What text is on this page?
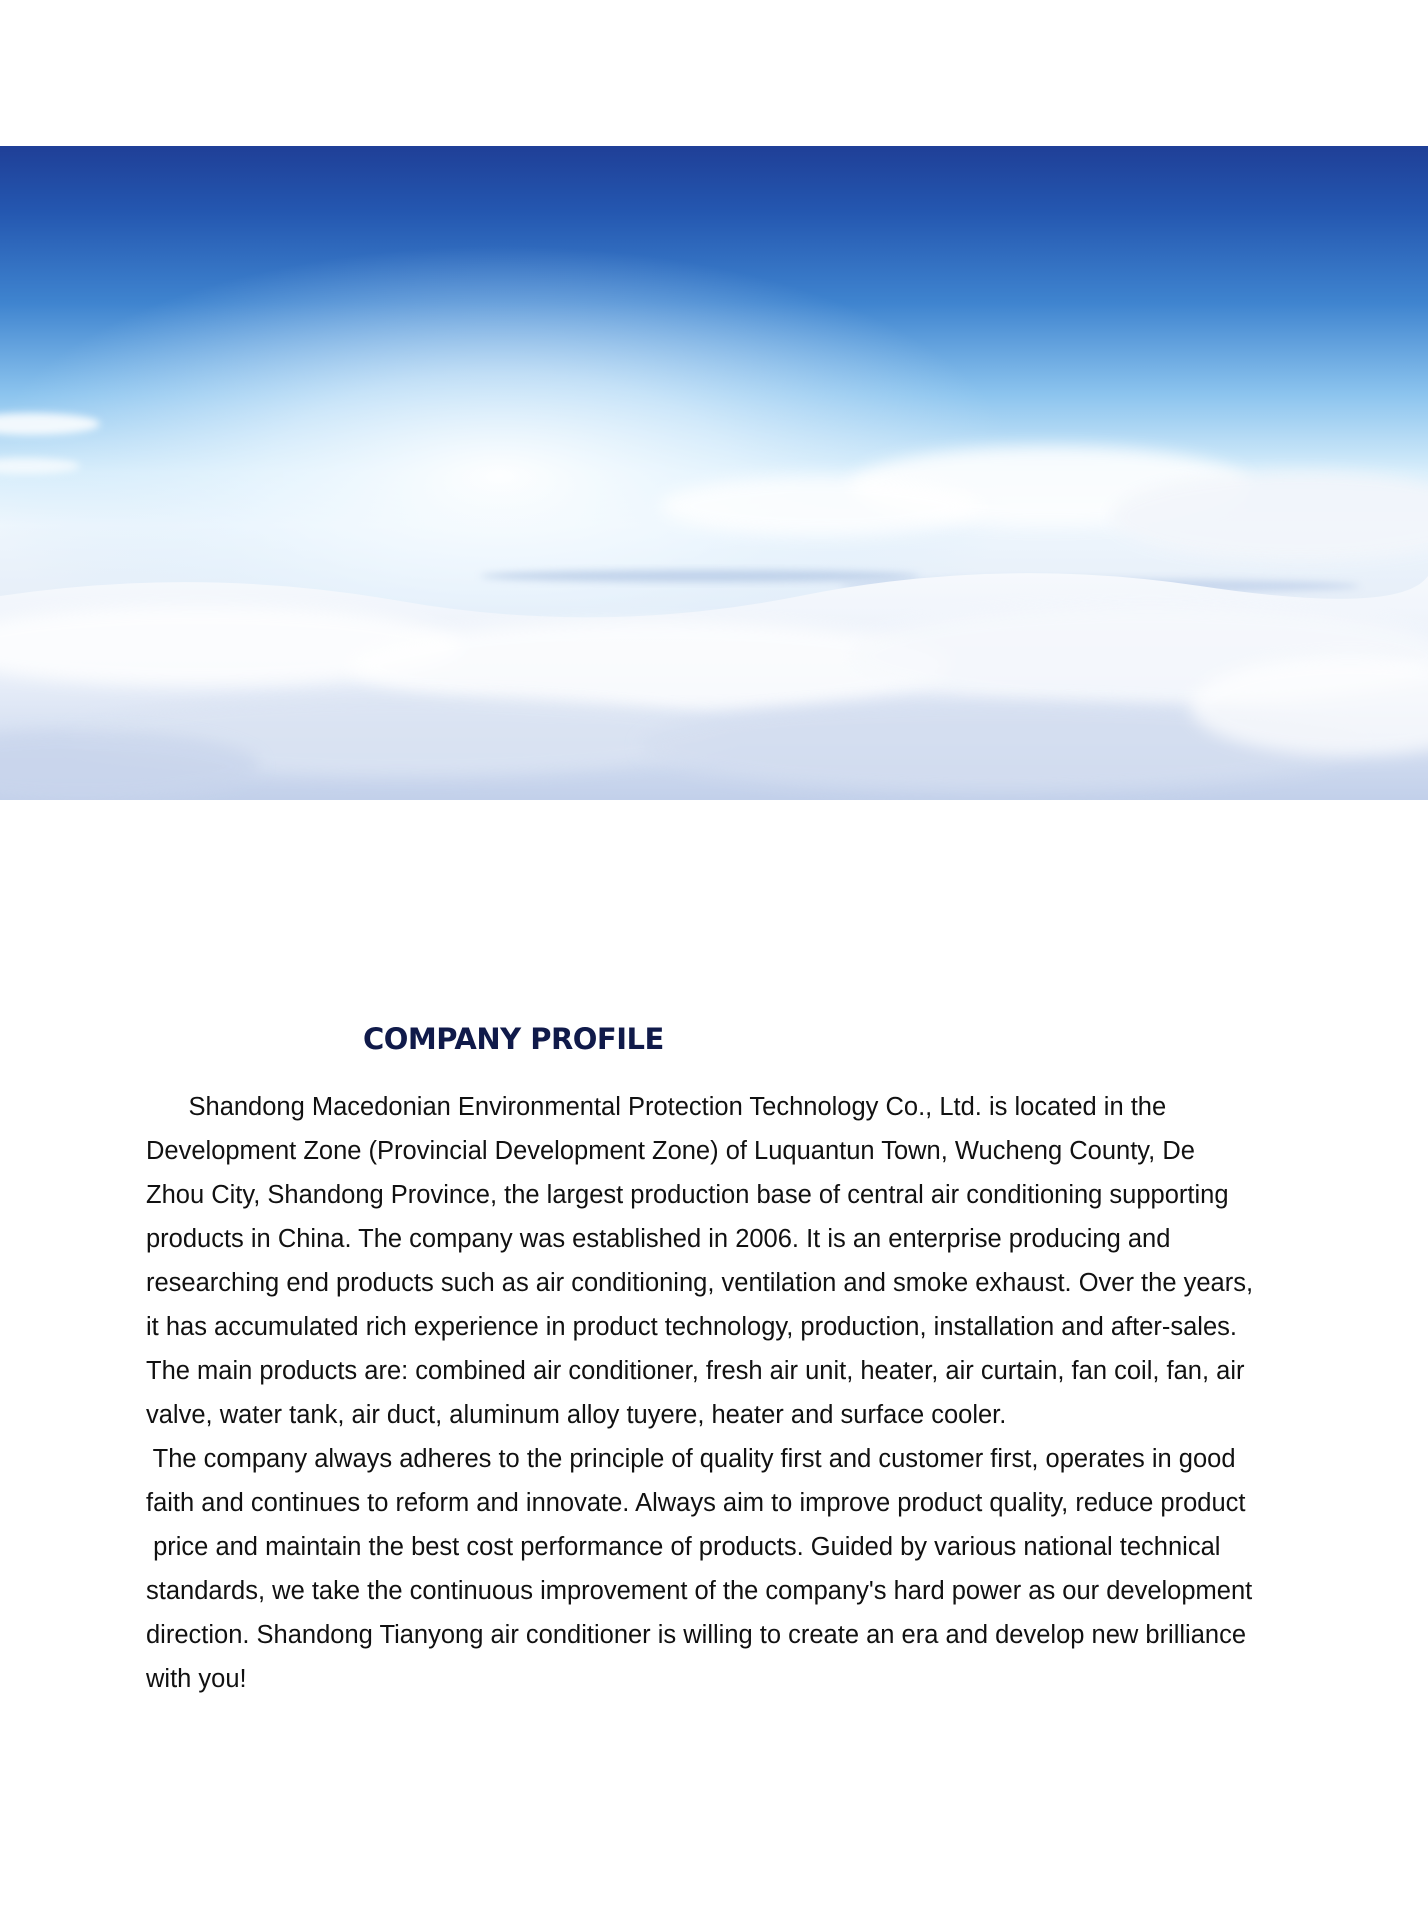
COMPANY PROFILE
Shandong Macedonian Environmental Protection Technology Co., Ltd. is located in the
Development Zone (Provincial Development Zone) of Luquantun Town, Wucheng County, De
Zhou City, Shandong Province, the largest production base of central air conditioning supporting
products in China. The company was established in 2006. It is an enterprise producing and
researching end products such as air conditioning, ventilation and smoke exhaust. Over the years,
it has accumulated rich experience in product technology, production, installation and after-sales.
The main products are: combined air conditioner, fresh air unit, heater, air curtain, fan coil, fan, air
valve, water tank, air duct, aluminum alloy tuyere, heater and surface cooler.
The company always adheres to the principle of quality first and customer first, operates in good
faith and continues to reform and innovate. Always aim to improve product quality, reduce product
price and maintain the best cost performance of products. Guided by various national technical
standards, we take the continuous improvement of the company's hard power as our development
direction. Shandong Tianyong air conditioner is willing to create an era and develop new brilliance
with you!
